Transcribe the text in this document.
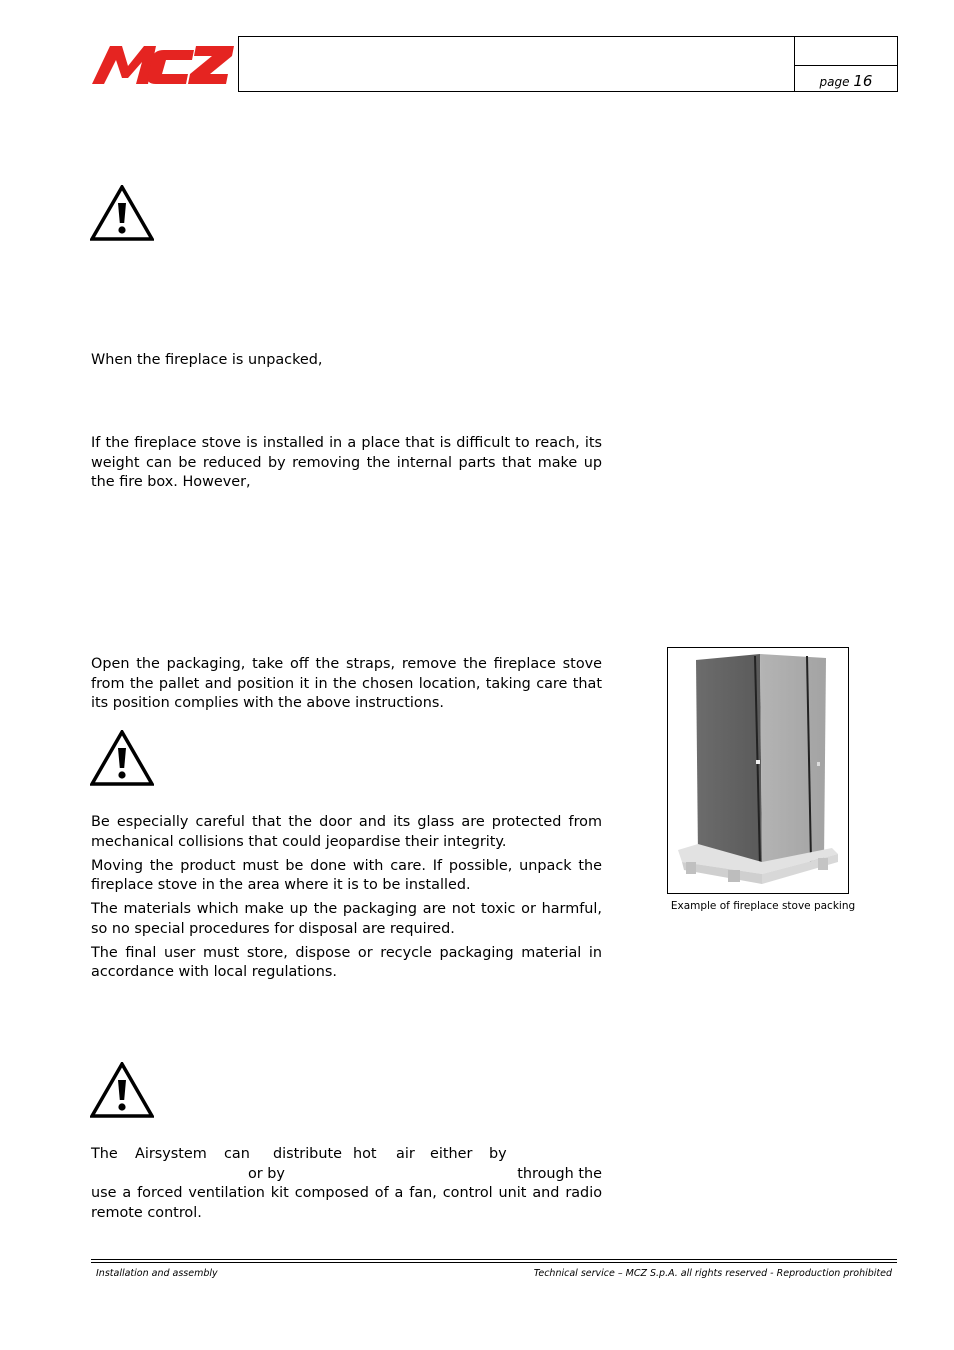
page 16

When the fireplace is unpacked,

If the fireplace stove is installed in a place that is difficult to reach, its weight can be reduced by removing the internal parts that make up the fire box. However,

Open the packaging, take off the straps, remove the fireplace stove from the pallet and position it in the chosen location, taking care that its position complies with the above instructions.

Be especially careful that the door and its glass are protected from mechanical collisions that could jeopardise their integrity.

Moving the product must be done with care. If possible, unpack the fireplace stove in the area where it is to be installed.

The materials which make up the packaging are not toxic or harmful, so no special procedures for disposal are required.

The final user must store, dispose or recycle packaging material in accordance with local regulations.

Example of fireplace stove packing
The Airsystem can distribute hot air either by
or by	through the
use a forced ventilation kit composed of a fan, control unit and radio remote control.
Installation and assembly	Technical service – MCZ S.p.A. all rights reserved - Reproduction prohibited
